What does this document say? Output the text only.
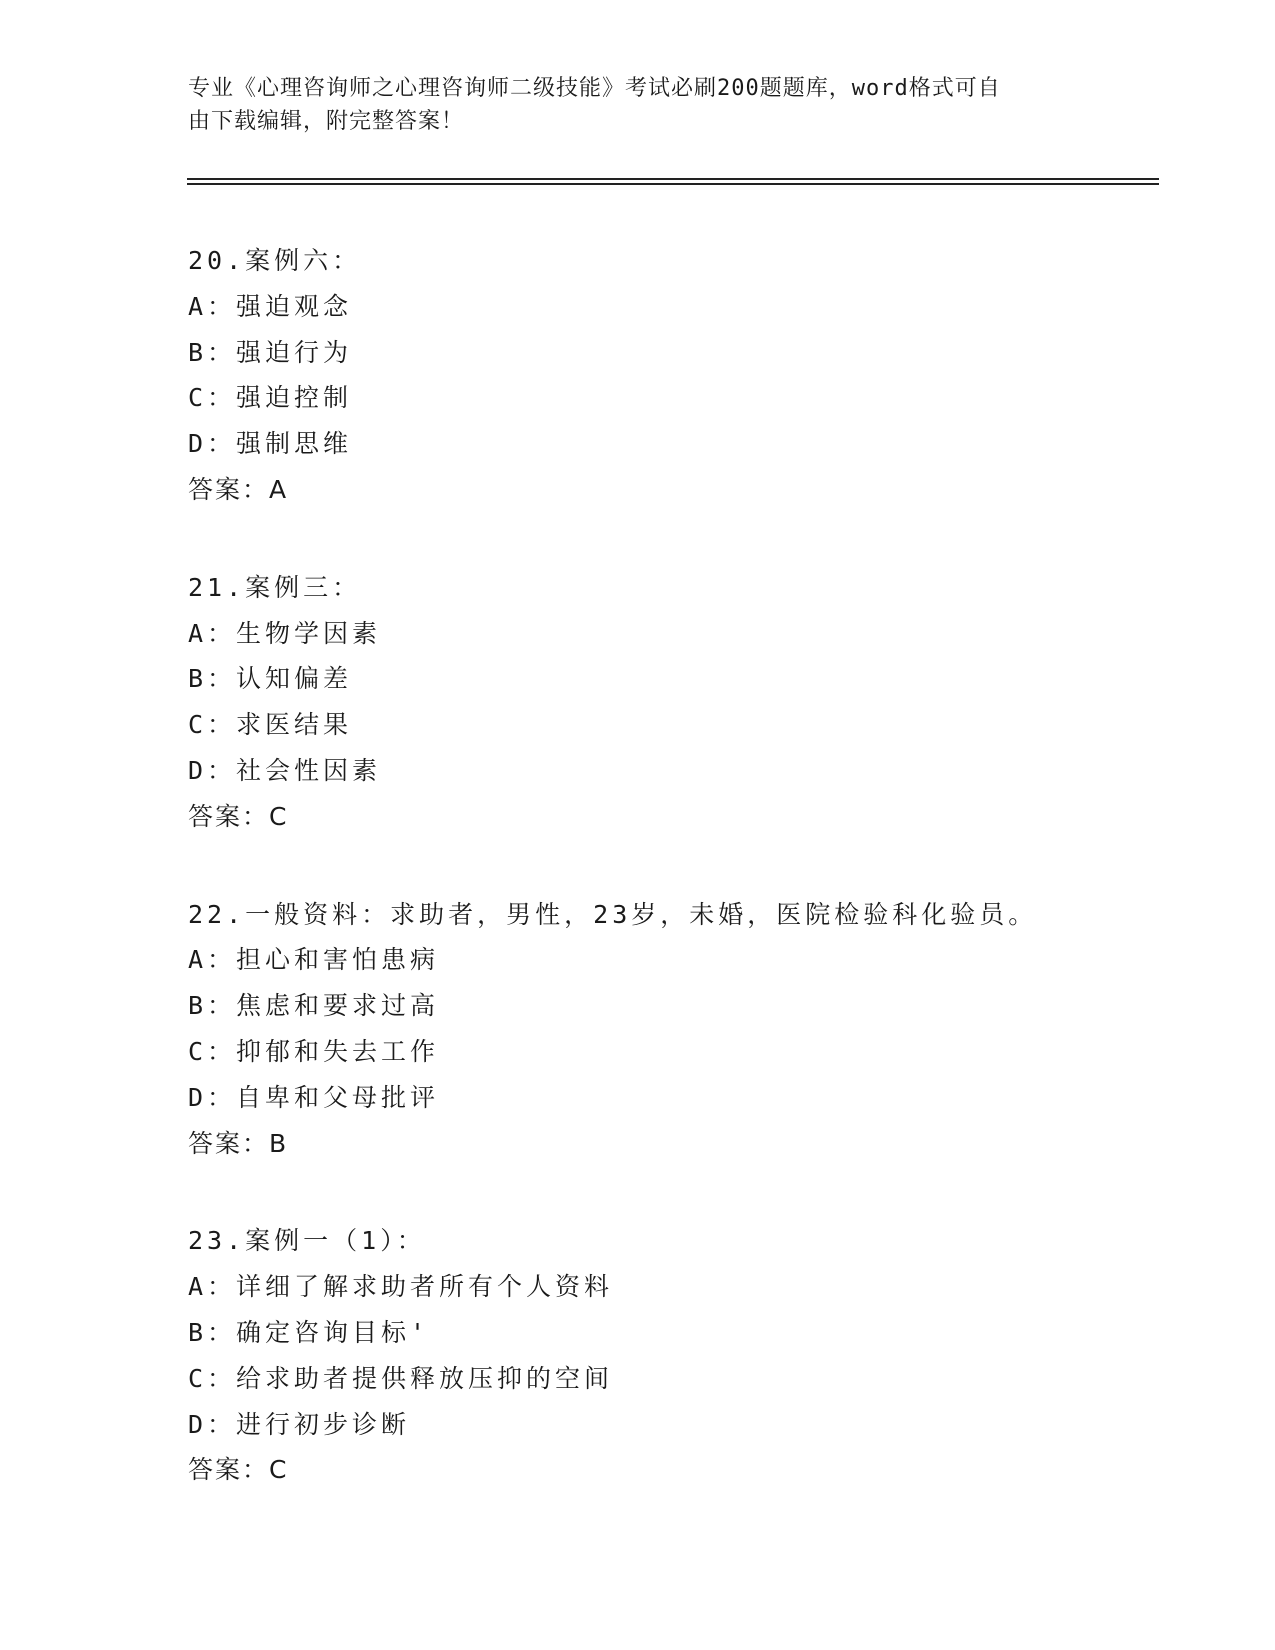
专业《心理咨询师之心理咨询师二级技能》考试必刷200题题库，word格式可自
由下载编辑，附完整答案！
20.案例六：
A：强迫观念
B：强迫行为
C：强迫控制
D：强制思维
答案：A
21.案例三：
A：生物学因素
B：认知偏差
C：求医结果
D：社会性因素
答案：C
22.一般资料：求助者，男性，23岁，未婚，医院检验科化验员。
A：担心和害怕患病
B：焦虑和要求过高
C：抑郁和失去工作
D：自卑和父母批评
答案：B
23.案例一（1）：
A：详细了解求助者所有个人资料
B：确定咨询目标'
C：给求助者提供释放压抑的空间
D：进行初步诊断
答案：C
